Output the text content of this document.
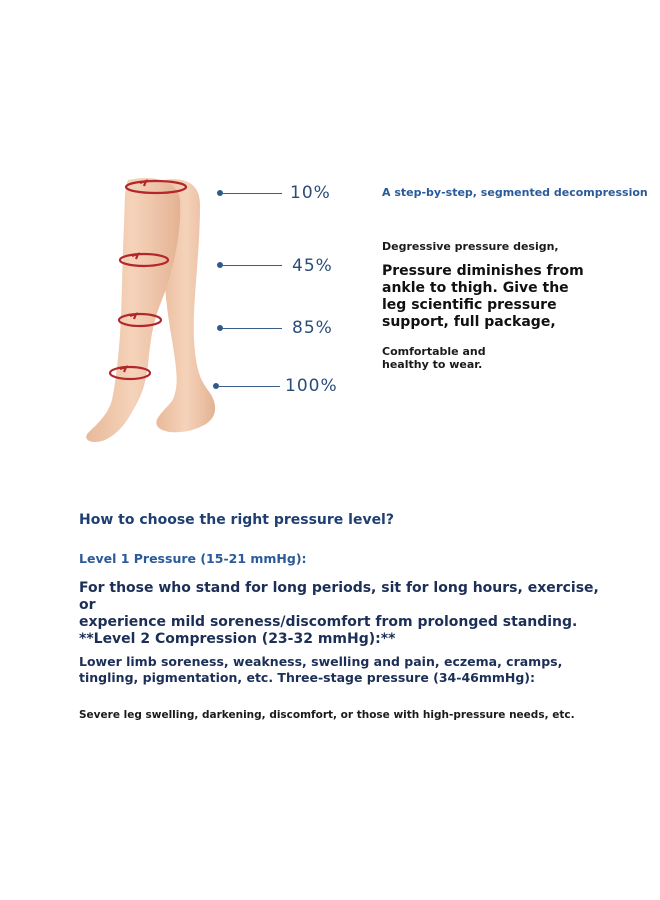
10%
45%
85%
100%
A step-by-step, segmented decompression
Degressive pressure design,
Pressure diminishes from
ankle to thigh. Give the
leg scientific pressure
support, full package,
Comfortable and
healthy to wear.
How to choose the right pressure level?
Level 1 Pressure (15-21 mmHg):
For those who stand for long periods, sit for long hours, exercise, or
experience mild soreness/discomfort from prolonged standing.
**Level 2 Compression (23-32 mmHg):**
Lower limb soreness, weakness, swelling and pain, eczema, cramps,
tingling, pigmentation, etc. Three-stage pressure (34-46mmHg):
Severe leg swelling, darkening, discomfort, or those with high-pressure needs, etc.
